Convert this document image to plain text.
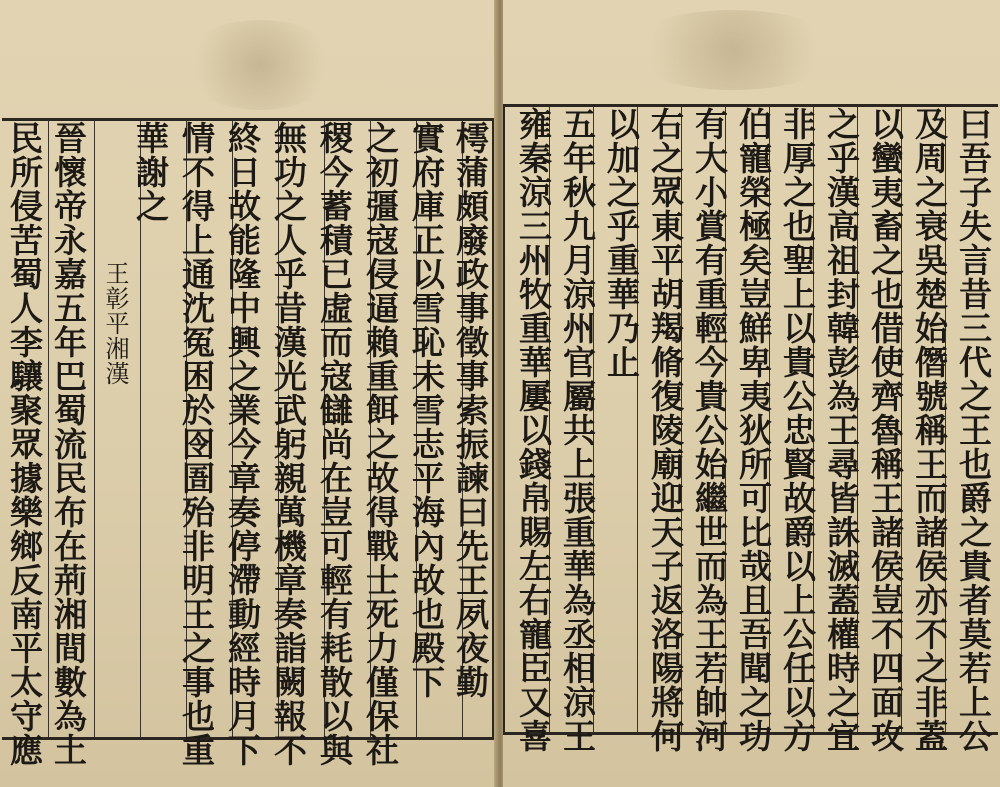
樗蒲頗廢政事徵事索振諫曰先王夙夜勤
實府庫正以雪恥未雪志平海內故也殿下
之初彊寇侵逼賴重餌之故得戰士死力僅保社
稷今蓄積已虛而寇讎尚在豈可輕有耗散以與
無功之人乎昔漢光武躬親萬機章奏詣闕報不
終日故能隆中興之業今章奏停滯動經時月下
情不得上通沈冤困於囹圄殆非明王之事也重
華謝之
王彰平湘漢
晉懷帝永嘉五年巴蜀流民布在荊湘間數為土
民所侵苦蜀人李驤聚眾據樂鄉反南平太守應	曰吾子失言昔三代之王也爵之貴者莫若上公
及周之衰吳楚始僭號稱王而諸侯亦不之非蓋
以蠻夷畜之也借使齊魯稱王諸侯豈不四面攻
之乎漢高祖封韓彭為王尋皆誅滅蓋權時之宜
非厚之也聖上以貴公忠賢故爵以上公任以方
伯寵榮極矣豈鮮卑夷狄所可比哉且吾聞之功
有大小賞有重輕今貴公始繼世而為王若帥河
右之眾東平胡羯脩復陵廟迎天子返洛陽將何
以加之乎重華乃止
五年秋九月涼州官屬共上張重華為丞相涼王
雍秦涼三州牧重華屢以錢帛賜左右寵臣又喜
